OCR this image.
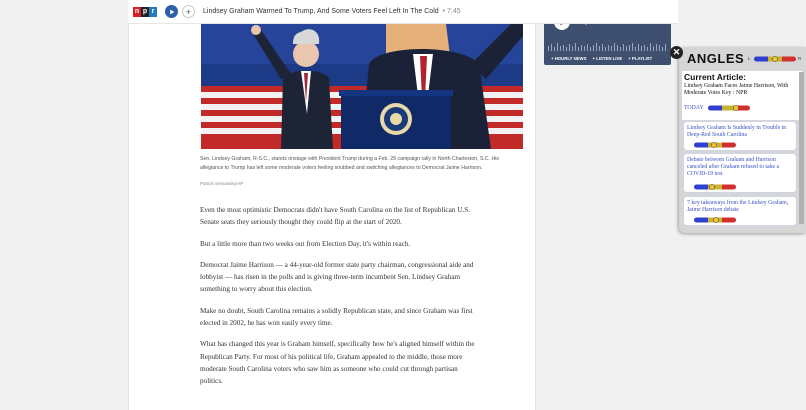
n p r	+	Lindsey Graham Warmed To Trump, And Some Voters Feel Left In The Cold • 7:45
Sen. Lindsey Graham, R-S.C., stands onstage with President Trump during a Feb. 28 campaign rally in North Charleston, S.C. His allegiance to Trump has left some moderate voters feeling snubbed and switching allegiances to Democrat Jaime Harrison.
Patrick Semansky/AP

Even the most optimistic Democrats didn't have South Carolina on the list of Republican U.S. Senate seats they seriously thought they could flip at the start of 2020.

But a little more than two weeks out from Election Day, it's within reach.

Democrat Jaime Harrison — a 44-year-old former state party chairman, congressional aide and lobbyist — has risen in the polls and is giving three-term incumbent Sen. Lindsey Graham something to worry about this election.

Make no doubt, South Carolina remains a solidly Republican state, and since Graham was first elected in 2002, he has won easily every time.

What has changed this year is Graham himself, specifically how he's aligned himself within the Republican Party. For most of his political life, Graham appealed to the middle, those more moderate South Carolina voters who saw him as someone who could cut through partisan politics.

+ HOURLY NEWS + LISTEN LIVE + PLAYLIST
✕ ANGLES L	R
Current Article:
Lindsey Graham Faces Jaime Harrison, With Moderate Votes Key : NPR
TODAY
Lindsey Graham Is Suddenly in Trouble in Deep-Red South Carolina
Debate between Graham and Harrison canceled after Graham refused to take a COVID-19 test
7 key takeaways from the Lindsey Graham, Jaime Harrison debate
